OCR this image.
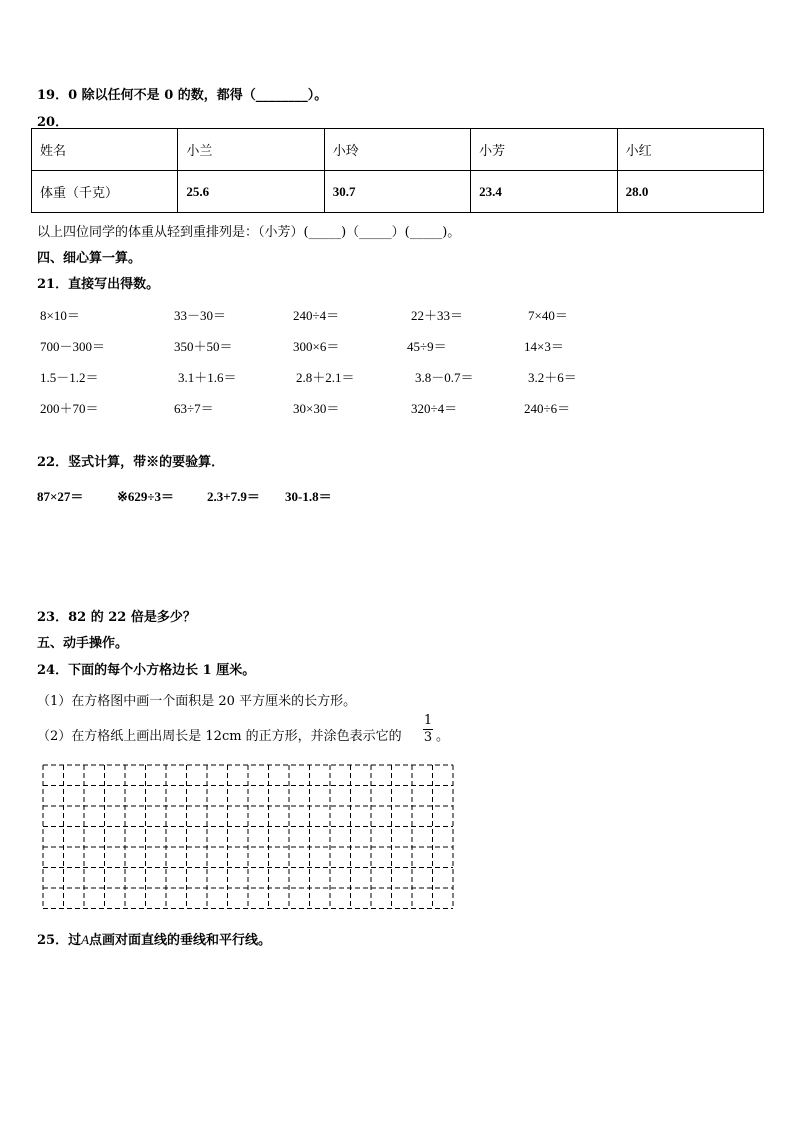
19．0 除以任何不是 0 的数，都得（________）。
20．
姓名	小兰	小玲	小芳	小红
体重（千克）	25.6	30.7	23.4	28.0
以上四位同学的体重从轻到重排列是：（小芳）(_____)（_____）(_____)。
四、细心算一算。
21．直接写出得数。
8×10＝	33－30＝	240÷4＝	22＋33＝	7×40＝
700－300＝	350＋50＝	300×6＝	45÷9＝	14×3＝
1.5－1.2＝	3.1＋1.6＝	2.8＋2.1＝	3.8－0.7＝	3.2＋6＝
200＋70＝	63÷7＝	30×30＝	320÷4＝	240÷6＝
22．竖式计算，带※的要验算．
87×27＝	※629÷3＝	2.3+7.9＝ 30-1.8＝
23．82 的 22 倍是多少？
五、动手操作。
24．下面的每个小方格边长 1 厘米。
（1）在方格图中画一个面积是 20 平方厘米的长方形。
（2）在方格纸上画出周长是 12cm 的正方形，并涂色表示它的
1
3 。
25．过A点画对面直线的垂线和平行线。
